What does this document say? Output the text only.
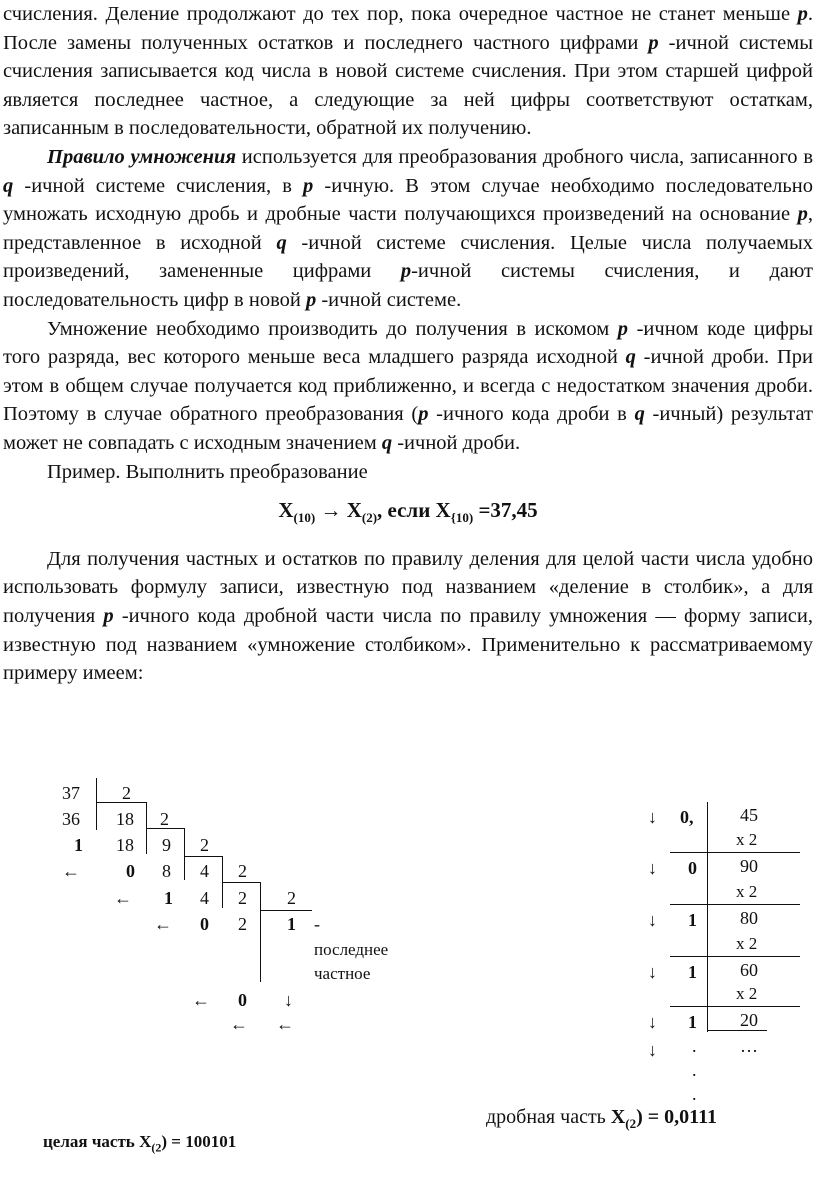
счисления. Деление продолжают до тех пор, пока очередное частное не станет меньше p. После замены полученных остатков и последнего частного цифрами p -ичной системы счисления записывается код числа в новой системе счисления. При этом старшей цифрой является последнее частное, а следующие за ней цифры соответствуют остаткам, записанным в последовательности, обратной их получению.

Правило умножения используется для преобразования дробного числа, записанного в q -ичной системе счисления, в p -ичную. В этом случае необходимо последовательно умножать исходную дробь и дробные части получающихся произведений на основание p, представленное в исходной q -ичной системе счисления. Целые числа получаемых произведений, замененные цифрами p-ичной системы счисления, и дают последовательность цифр в новой p -ичной системе.

Умножение необходимо производить до получения в искомом p -ичном коде цифры того разряда, вес которого меньше веса младшего разряда исходной q -ичной дроби. При этом в общем случае получается код приближенно, и всегда с недостатком значения дроби. Поэтому в случае обратного преобразования (p -ичного кода дроби в q -ичный) результат может не совпадать с исходным значением q -ичной дроби.

Пример. Выполнить преобразование

$X_{(10)} \to X_{(2)}$, если $X_{\{10)} =37,45$

Для получения частных и остатков по правилу деления для целой части числа удобно использовать формулу записи, известную под названием «деление в столбик», а для получения p -ичного кода дробной части числа по правилу умножения — форму записи, известную под названием «умножение столбиком». Применительно к рассматриваемому примеру имеем:

37 2
36 18 2
1 18 9 2
←	0 8 4 2
← 1 4 2 2
← 0 2 1 -
последнее
частное
← 0 ↓
← ←
↓ 0,	45
x 2
↓ 0 90
x 2
↓ 1 80
x 2
↓ 1 60
x 2
↓ 1 20
↓ .
.
.
…
дробная часть $X_{(2}) = 0,0111$
целая часть $X_{(2}) = 100101$
